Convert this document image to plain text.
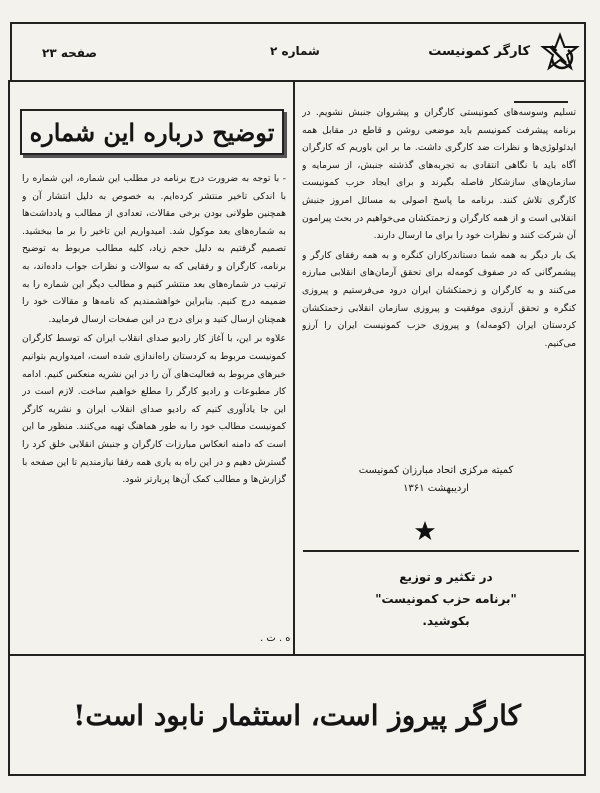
کارگر کمونیست
شماره ۲
صفحه ۲۳
توضیح درباره این شماره

- با توجه به ضرورت درج برنامه در مطلب این شماره، این شماره را با اندکی تاخیر منتشر کرده‌ایم. به خصوص به دلیل انتشار آن و همچنین طولانی بودن برخی مقالات، تعدادی از مطالب و یادداشت‌ها به شماره‌های بعد موکول شد. امیدواریم این تاخیر را بر ما ببخشید. تصمیم گرفتیم به دلیل حجم زیاد، کلیه مطالب مربوط به توضیح برنامه، کارگران و رفقایی که به سوالات و نظرات جواب داده‌اند، به ترتیب در شماره‌های بعد منتشر کنیم و مطالب دیگر این شماره را به ضمیمه درج کنیم. بنابراین خواهشمندیم که نامه‌ها و مقالات خود را همچنان ارسال کنید و برای درج در این صفحات ارسال فرمایید.

علاوه بر این، با آغاز کار رادیو صدای انقلاب ایران که توسط کارگران کمونیست مربوط به کردستان راه‌اندازی شده است، امیدواریم بتوانیم خبرهای مربوط به فعالیت‌های آن را در این نشریه منعکس کنیم. ادامه کار مطبوعات و رادیو کارگر را مطلع خواهیم ساخت. لازم است در این جا یادآوری کنیم که رادیو صدای انقلاب ایران و نشریه کارگر کمونیست مطالب خود را به طور هماهنگ تهیه می‌کنند. منظور ما این است که دامنه انعکاس مبارزات کارگران و جنبش انقلابی خلق کرد را گسترش دهیم و در این راه به یاری همه رفقا نیازمندیم تا این صفحه با گزارش‌ها و مطالب کمک آن‌ها پربارتر شود.

ه . ت .

تسلیم وسوسه‌های کمونیستی کارگران و پیشروان جنبش نشویم. در برنامه پیشرفت کمونیسم باید موضعی روشن و قاطع در مقابل همه ایدئولوژی‌ها و نظرات ضد کارگری داشت. ما بر این باوریم که کارگران آگاه باید با نگاهی انتقادی به تجربه‌های گذشته جنبش، از سرمایه و سازمان‌های سازشکار فاصله بگیرند و برای ایجاد حزب کمونیست کارگری تلاش کنند. برنامه ما پاسخ اصولی به مسائل امروز جنبش انقلابی است و از همه کارگران و زحمتکشان می‌خواهیم در بحث پیرامون آن شرکت کنند و نظرات خود را برای ما ارسال دارند.

یک بار دیگر به همه شما دستاندرکاران کنگره و به همه رفقای کارگر و پیشمرگانی که در صفوف کومه‌له برای تحقق آرمان‌های انقلابی مبارزه می‌کنند و به کارگران و زحمتکشان ایران درود می‌فرستیم و پیروزی کنگره و تحقق آرزوی موفقیت و پیروزی سازمان انقلابی زحمتکشان کردستان ایران (کومه‌له) و پیروزی حزب کمونیست ایران را آرزو می‌کنیم.

کمیته مرکزی اتحاد مبارزان کمونیست
اردیبهشت ۱۳۶۱
در تکثیر و توزیع
"برنامه حزب کمونیست"
بکوشید.
کارگر پیروز است، استثمار نابود است!
